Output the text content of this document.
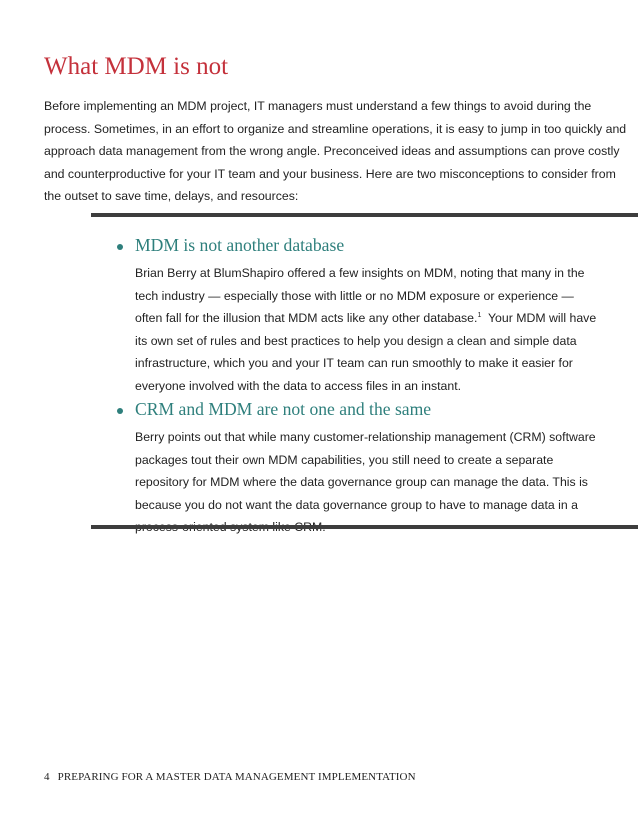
What MDM is not
Before implementing an MDM project, IT managers must understand a few things to avoid during the
process. Sometimes, in an effort to organize and streamline operations, it is easy to jump in too quickly and
approach data management from the wrong angle. Preconceived ideas and assumptions can prove costly
and counterproductive for your IT team and your business. Here are two misconceptions to consider from
the outset to save time, delays, and resources:
MDM is not another database
Brian Berry at BlumShapiro offered a few insights on MDM, noting that many in the
tech industry — especially those with little or no MDM exposure or experience —
often fall for the illusion that MDM acts like any other database.$^1$  Your MDM will have
its own set of rules and best practices to help you design a clean and simple data
infrastructure, which you and your IT team can run smoothly to make it easier for
everyone involved with the data to access files in an instant.
CRM and MDM are not one and the same
Berry points out that while many customer-relationship management (CRM) software
packages tout their own MDM capabilities, you still need to create a separate
repository for MDM where the data governance group can manage the data. This is
because you do not want the data governance group to have to manage data in a
4 PREPARING FOR A MASTER DATA MANAGEMENT IMPLEMENTATION
